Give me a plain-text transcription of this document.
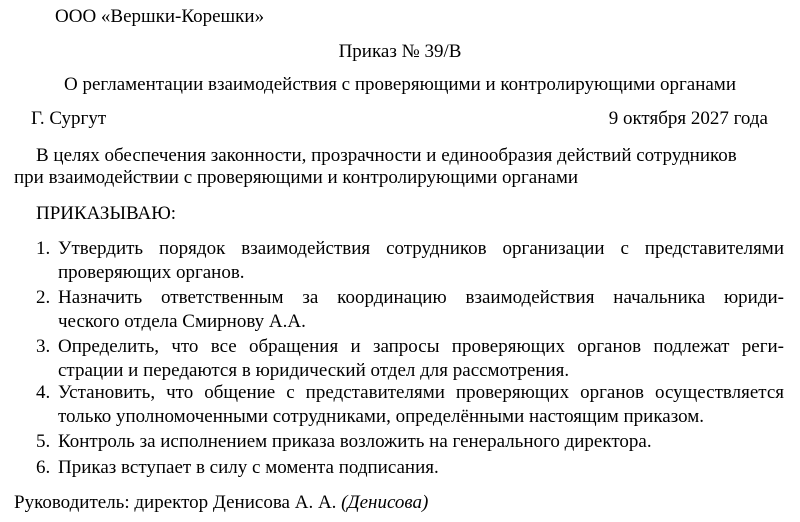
ООО «Вершки-Корешки»
Приказ № 39/В
О регламентации взаимодействия с проверяющими и контролирующими органами
Г. Сургут	9 октября 2027 года
В целях обеспечения законности, прозрачности и единообразия действий сотрудников
при взаимодействии с проверяющими и контролирующими органами
ПРИКАЗЫВАЮ:
1. Утвердить порядок взаимодействия сотрудников организации с представителями
проверяющих органов.
2. Назначить ответственным за координацию взаимодействия начальника юриди-
ческого отдела Смирнову А.А.
3. Определить, что все обращения и запросы проверяющих органов подлежат реги-
страции и передаются в юридический отдел для рассмотрения.
4. Установить, что общение с представителями проверяющих органов осуществляется
только уполномоченными сотрудниками, определёнными настоящим приказом.
5. Контроль за исполнением приказа возложить на генерального директора.
6. Приказ вступает в силу с момента подписания.
Руководитель: директор Денисова А. А. (Денисова)
